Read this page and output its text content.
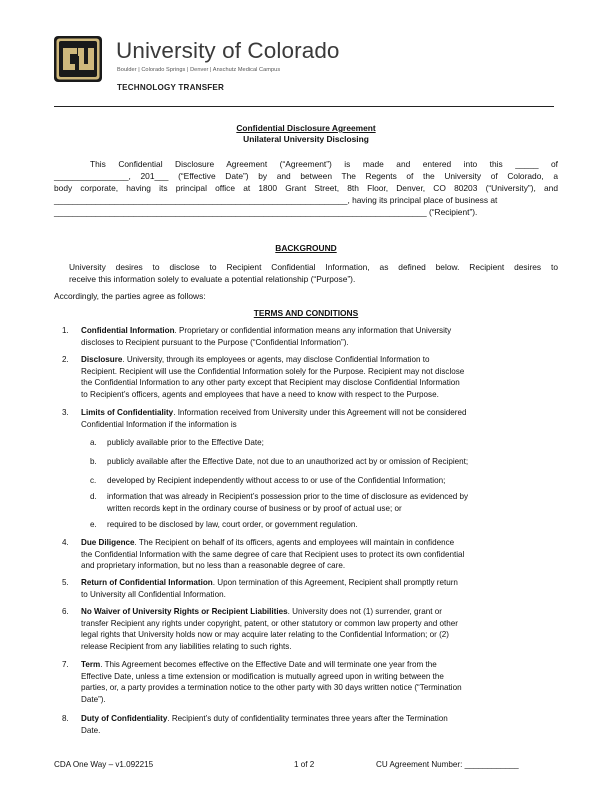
University of Colorado
Boulder | Colorado Springs | Denver | Anschutz Medical Campus
TECHNOLOGY TRANSFER
Confidential Disclosure Agreement
Unilateral University Disclosing
This Confidential Disclosure Agreement (“Agreement”) is made and entered into this _____ of
________________, 201___ (“Effective Date”) by and between The Regents of the University of Colorado, a
body corporate, having its principal office at 1800 Grant Street, 8th Floor, Denver, CO 80203 (“University”), and
_______________________________________________________________, having its principal place of business at
________________________________________________________________________________ (“Recipient”).
BACKGROUND
University desires to disclose to Recipient Confidential Information, as defined below. Recipient desires to
receive this information solely to evaluate a potential relationship (“Purpose”).
Accordingly, the parties agree as follows:
TERMS AND CONDITIONS
1. Confidential Information. Proprietary or confidential information means any information that University
discloses to Recipient pursuant to the Purpose (“Confidential Information”).
2. Disclosure. University, through its employees or agents, may disclose Confidential Information to
Recipient. Recipient will use the Confidential Information solely for the Purpose. Recipient may not disclose
the Confidential Information to any other party except that Recipient may disclose Confidential Information
to Recipient’s officers, agents and employees that have a need to know with respect to the Purpose.
3. Limits of Confidentiality. Information received from University under this Agreement will not be considered
Confidential Information if the information is
a. publicly available prior to the Effective Date;
b. publicly available after the Effective Date, not due to an unauthorized act by or omission of Recipient;
c. developed by Recipient independently without access to or use of the Confidential Information;
d. information that was already in Recipient’s possession prior to the time of disclosure as evidenced by
written records kept in the ordinary course of business or by proof of actual use; or
e. required to be disclosed by law, court order, or government regulation.
4. Due Diligence. The Recipient on behalf of its officers, agents and employees will maintain in confidence
the Confidential Information with the same degree of care that Recipient uses to protect its own confidential
and proprietary information, but no less than a reasonable degree of care.
5. Return of Confidential Information. Upon termination of this Agreement, Recipient shall promptly return
to University all Confidential Information.
6. No Waiver of University Rights or Recipient Liabilities. University does not (1) surrender, grant or
transfer Recipient any rights under copyright, patent, or other statutory or common law property and other
legal rights that University holds now or may acquire later relating to the Confidential Information; or (2)
release Recipient from any liabilities relating to such rights.
7. Term. This Agreement becomes effective on the Effective Date and will terminate one year from the
Effective Date, unless a time extension or modification is mutually agreed upon in writing between the
parties, or, a party provides a termination notice to the other party with 30 days written notice (“Termination
Date”).
8. Duty of Confidentiality. Recipient’s duty of confidentiality terminates three years after the Termination
Date.
CDA One Way – v1.092215	1 of 2	CU Agreement Number: ____________
